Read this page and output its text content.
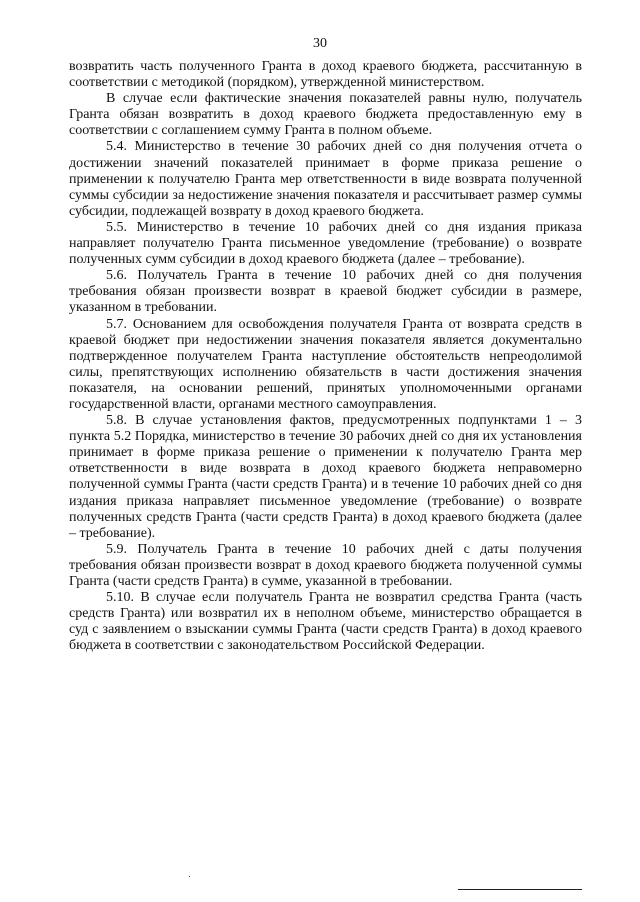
30

возвратить часть полученного Гранта в доход краевого бюджета, рассчитанную в соответствии с методикой (порядком), утвержденной министерством.

В случае если фактические значения показателей равны нулю, получатель Гранта обязан возвратить в доход краевого бюджета предоставленную ему в соответствии с соглашением сумму Гранта в полном объеме.

5.4. Министерство в течение 30 рабочих дней со дня получения отчета о достижении значений показателей принимает в форме приказа решение о применении к получателю Гранта мер ответственности в виде возврата полученной суммы субсидии за недостижение значения показателя и рассчитывает размер суммы субсидии, подлежащей возврату в доход краевого бюджета.

5.5. Министерство в течение 10 рабочих дней со дня издания приказа направляет получателю Гранта письменное уведомление (требование) о возврате полученных сумм субсидии в доход краевого бюджета (далее – требование).

5.6. Получатель Гранта в течение 10 рабочих дней со дня получения требования обязан произвести возврат в краевой бюджет субсидии в размере, указанном в требовании.

5.7. Основанием для освобождения получателя Гранта от возврата средств в краевой бюджет при недостижении значения показателя является документально подтвержденное получателем Гранта наступление обстоятельств непреодолимой силы, препятствующих исполнению обязательств в части достижения значения показателя, на основании решений, принятых уполномоченными органами государственной власти, органами местного самоуправления.

5.8. В случае установления фактов, предусмотренных подпунктами 1 – 3 пункта 5.2 Порядка, министерство в течение 30 рабочих дней со дня их установления принимает в форме приказа решение о применении к получателю Гранта мер ответственности в виде возврата в доход краевого бюджета неправомерно полученной суммы Гранта (части средств Гранта) и в течение 10 рабочих дней со дня издания приказа направляет письменное уведомление (требование) о возврате полученных средств Гранта (части средств Гранта) в доход краевого бюджета (далее – требование).

5.9. Получатель Гранта в течение 10 рабочих дней с даты получения требования обязан произвести возврат в доход краевого бюджета полученной суммы Гранта (части средств Гранта) в сумме, указанной в требовании.

5.10. В случае если получатель Гранта не возвратил средства Гранта (часть средств Гранта) или возвратил их в неполном объеме, министерство обращается в суд с заявлением о взыскании суммы Гранта (части средств Гранта) в доход краевого бюджета в соответствии с законодательством Российской Федерации.
